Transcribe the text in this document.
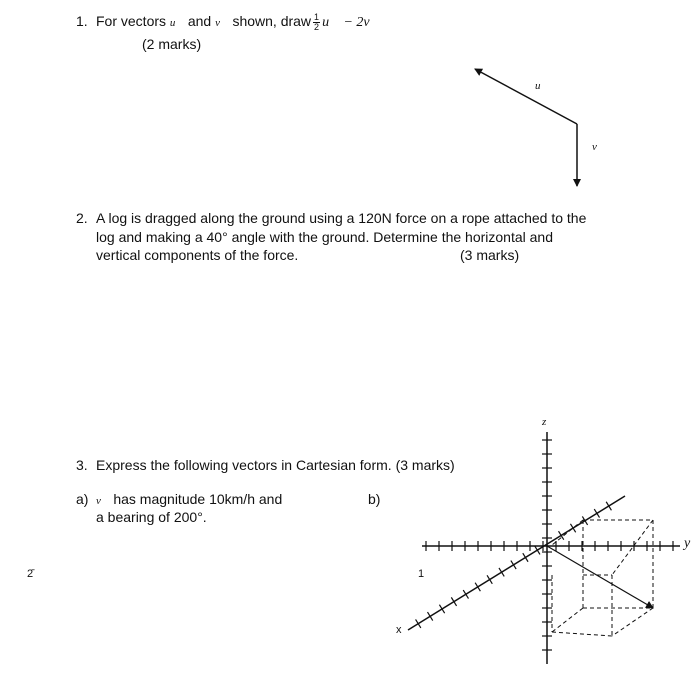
1. For vectors u⃗ and v⃗ shown, draw $\frac{1}{2}$ u⃗ − 2v⃗
(2 marks)
u⃗
v⃗
2. A log is dragged along the ground using a 120N force on a rope attached to the
log and making a 40° angle with the ground. Determine the horizontal and
vertical components of the force.	(3 marks)
3. Express the following vectors in Cartesian form. (3 marks)
a) v⃗ has magnitude 10km/h and
a bearing of 200°.
b)
2̄
z
y
x
1
